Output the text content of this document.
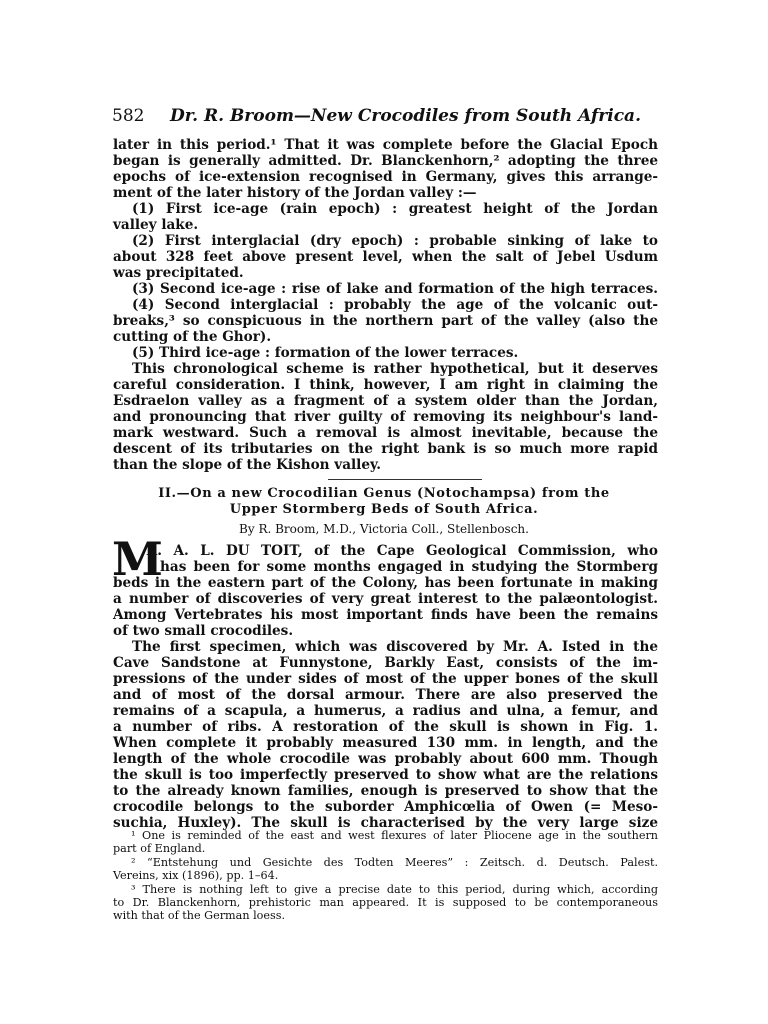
582 Dr. R. Broom—New Crocodiles from South Africa.
later in this period.¹ That it was complete before the Glacial Epoch
began is generally admitted. Dr. Blanckenhorn,² adopting the three
epochs of ice-extension recognised in Germany, gives this arrange-
ment of the later history of the Jordan valley :—
(1) First ice-age (rain epoch) : greatest height of the Jordan
valley lake.
(2) First interglacial (dry epoch) : probable sinking of lake to
about 328 feet above present level, when the salt of Jebel Usdum
was precipitated.
(3) Second ice-age : rise of lake and formation of the high terraces.
(4) Second interglacial : probably the age of the volcanic out-
breaks,³ so conspicuous in the northern part of the valley (also the
cutting of the Ghor).
(5) Third ice-age : formation of the lower terraces.
This chronological scheme is rather hypothetical, but it deserves
careful consideration. I think, however, I am right in claiming the
Esdraelon valley as a fragment of a system older than the Jordan,
and pronouncing that river guilty of removing its neighbour's land-
mark westward. Such a removal is almost inevitable, because the
descent of its tributaries on the right bank is so much more rapid
than the slope of the Kishon valley.
II.—On a new Crocodilian Genus (Notochampsa) from the
Upper Stormberg Beds of South Africa.
By R. Broom, M.D., Victoria Coll., Stellenbosch.
M
R. A. L. DU TOIT, of the Cape Geological Commission, who
has been for some months engaged in studying the Stormberg
beds in the eastern part of the Colony, has been fortunate in making
a number of discoveries of very great interest to the palæontologist.
Among Vertebrates his most important finds have been the remains
of two small crocodiles.
The first specimen, which was discovered by Mr. A. Isted in the
Cave Sandstone at Funnystone, Barkly East, consists of the im-
pressions of the under sides of most of the upper bones of the skull
and of most of the dorsal armour. There are also preserved the
remains of a scapula, a humerus, a radius and ulna, a femur, and
a number of ribs. A restoration of the skull is shown in Fig. 1.
When complete it probably measured 130 mm. in length, and the
length of the whole crocodile was probably about 600 mm. Though
the skull is too imperfectly preserved to show what are the relations
to the already known families, enough is preserved to show that the
crocodile belongs to the suborder Amphicœlia of Owen (= Meso-
suchia, Huxley). The skull is characterised by the very large size
¹ One is reminded of the east and west flexures of later Pliocene age in the southern
part of England.
² “Entstehung und Gesichte des Todten Meeres” : Zeitsch. d. Deutsch. Palest.
Vereins, xix (1896), pp. 1–64.
³ There is nothing left to give a precise date to this period, during which, according
to Dr. Blanckenhorn, prehistoric man appeared. It is supposed to be contemporaneous
with that of the German loess.
